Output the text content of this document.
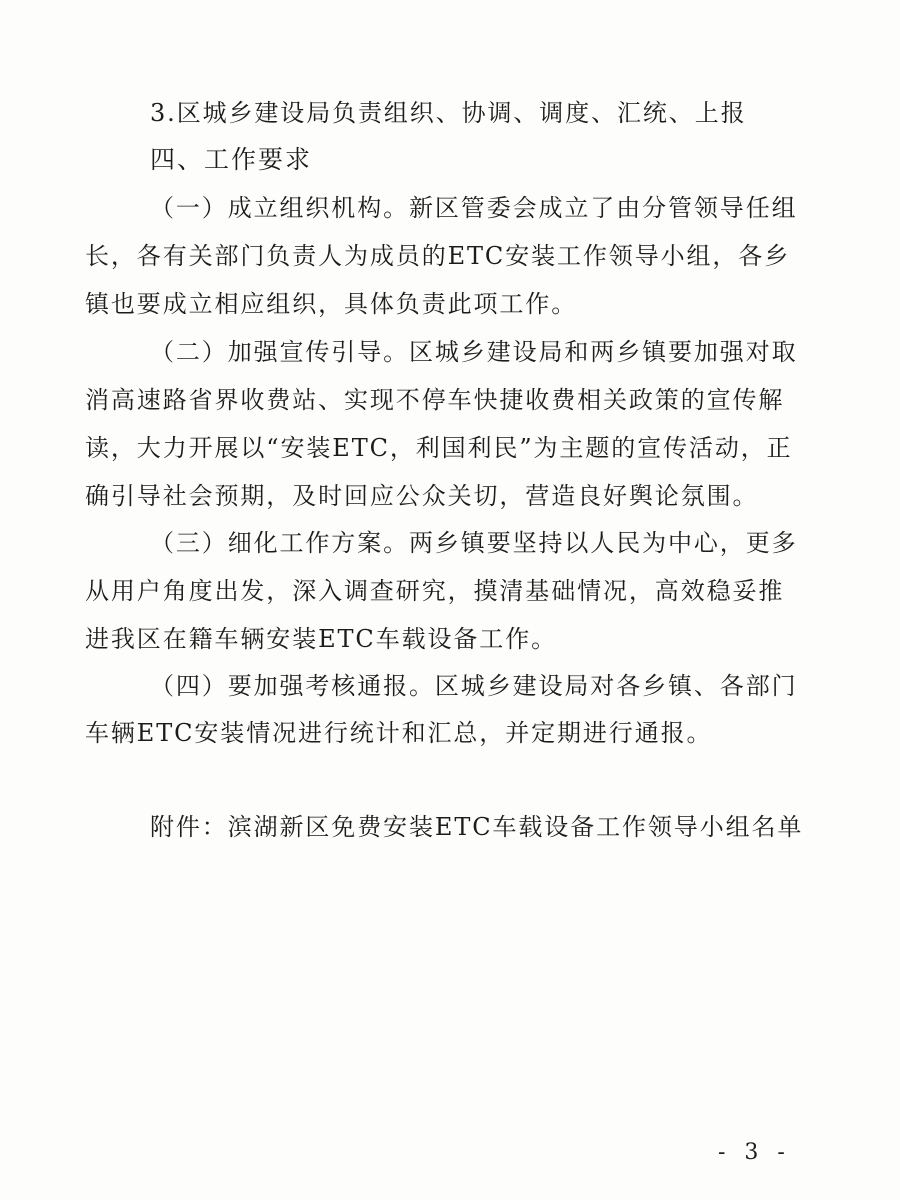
3.区城乡建设局负责组织、协调、调度、汇统、上报
四、工作要求
（一）成立组织机构。新区管委会成立了由分管领导任组
长，各有关部门负责人为成员的ETC安装工作领导小组，各乡
镇也要成立相应组织，具体负责此项工作。
（二）加强宣传引导。区城乡建设局和两乡镇要加强对取
消高速路省界收费站、实现不停车快捷收费相关政策的宣传解
读，大力开展以“安装ETC，利国利民”为主题的宣传活动，正
确引导社会预期，及时回应公众关切，营造良好舆论氛围。
（三）细化工作方案。两乡镇要坚持以人民为中心，更多
从用户角度出发，深入调查研究，摸清基础情况，高效稳妥推
进我区在籍车辆安装ETC车载设备工作。
（四）要加强考核通报。区城乡建设局对各乡镇、各部门
车辆ETC安装情况进行统计和汇总，并定期进行通报。
附件：滨湖新区免费安装ETC车载设备工作领导小组名单
- 3 -
